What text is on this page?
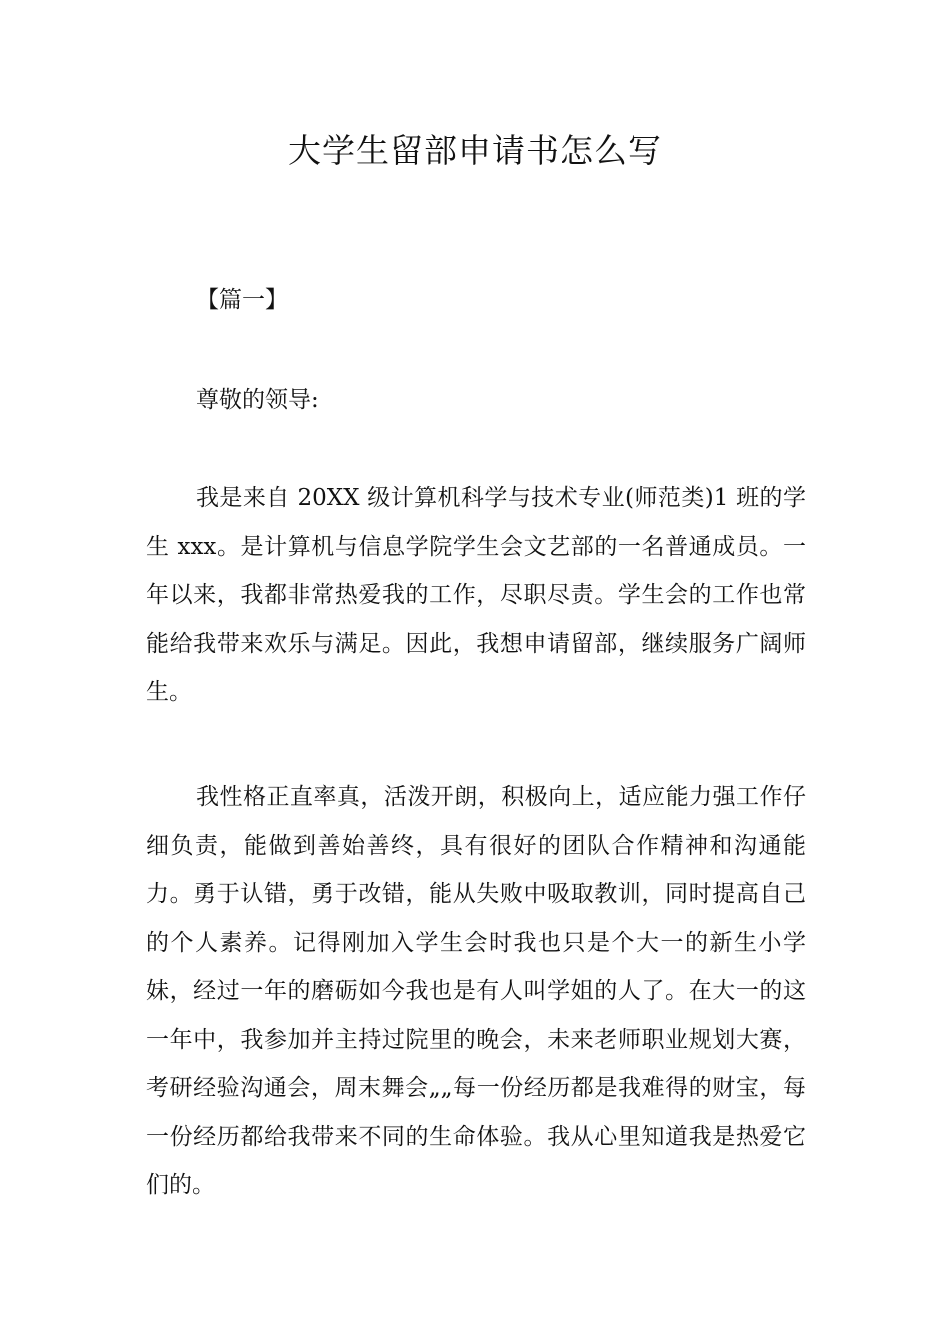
大学生留部申请书怎么写

【篇一】

尊敬的领导:

我是来自 20XX 级计算机科学与技术专业(师范类)1 班的学生 xxx。是计算机与信息学院学生会文艺部的一名普通成员。一年以来，我都非常热爱我的工作，尽职尽责。学生会的工作也常能给我带来欢乐与满足。因此，我想申请留部，继续服务广阔师生。

我性格正直率真，活泼开朗，积极向上，适应能力强工作仔细负责，能做到善始善终，具有很好的团队合作精神和沟通能力。勇于认错，勇于改错，能从失败中吸取教训，同时提高自己的个人素养。记得刚加入学生会时我也只是个大一的新生小学妹，经过一年的磨砺如今我也是有人叫学姐的人了。在大一的这一年中，我参加并主持过院里的晚会，未来老师职业规划大赛，考研经验沟通会，周末舞会„„每一份经历都是我难得的财宝，每一份经历都给我带来不同的生命体验。我从心里知道我是热爱它们的。
